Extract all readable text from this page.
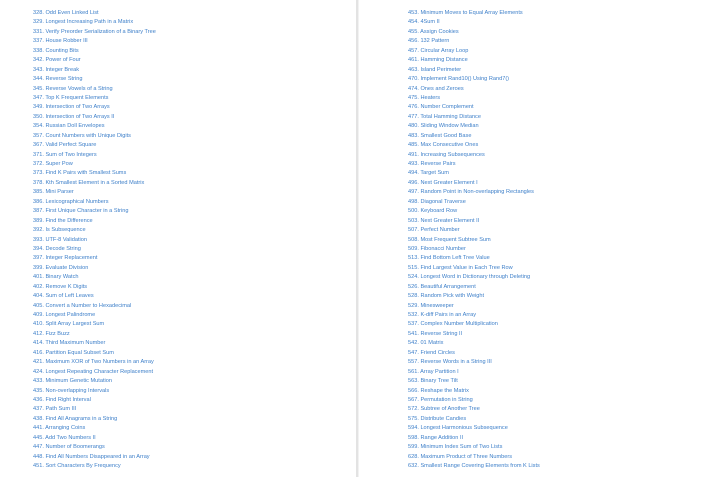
328. Odd Even Linked List
329. Longest Increasing Path in a Matrix
331. Verify Preorder Serialization of a Binary Tree
337. House Robber III
338. Counting Bits
342. Power of Four
343. Integer Break
344. Reverse String
345. Reverse Vowels of a String
347. Top K Frequent Elements
349. Intersection of Two Arrays
350. Intersection of Two Arrays II
354. Russian Doll Envelopes
357. Count Numbers with Unique Digits
367. Valid Perfect Square
371. Sum of Two Integers
372. Super Pow
373. Find K Pairs with Smallest Sums
378. Kth Smallest Element in a Sorted Matrix
385. Mini Parser
386. Lexicographical Numbers
387. First Unique Character in a String
389. Find the Difference
392. Is Subsequence
393. UTF-8 Validation
394. Decode String
397. Integer Replacement
399. Evaluate Division
401. Binary Watch
402. Remove K Digits
404. Sum of Left Leaves
405. Convert a Number to Hexadecimal
409. Longest Palindrome
410. Split Array Largest Sum
412. Fizz Buzz
414. Third Maximum Number
416. Partition Equal Subset Sum
421. Maximum XOR of Two Numbers in an Array
424. Longest Repeating Character Replacement
433. Minimum Genetic Mutation
435. Non-overlapping Intervals
436. Find Right Interval
437. Path Sum III
438. Find All Anagrams in a String
441. Arranging Coins
445. Add Two Numbers II
447. Number of Boomerangs
448. Find All Numbers Disappeared in an Array
451. Sort Characters By Frequency
453. Minimum Moves to Equal Array Elements
454. 4Sum II
455. Assign Cookies
456. 132 Pattern
457. Circular Array Loop
461. Hamming Distance
463. Island Perimeter
470. Implement Rand10() Using Rand7()
474. Ones and Zeroes
475. Heaters
476. Number Complement
477. Total Hamming Distance
480. Sliding Window Median
483. Smallest Good Base
485. Max Consecutive Ones
491. Increasing Subsequences
493. Reverse Pairs
494. Target Sum
496. Next Greater Element I
497. Random Point in Non-overlapping Rectangles
498. Diagonal Traverse
500. Keyboard Row
503. Next Greater Element II
507. Perfect Number
508. Most Frequent Subtree Sum
509. Fibonacci Number
513. Find Bottom Left Tree Value
515. Find Largest Value in Each Tree Row
524. Longest Word in Dictionary through Deleting
526. Beautiful Arrangement
528. Random Pick with Weight
529. Minesweeper
532. K-diff Pairs in an Array
537. Complex Number Multiplication
541. Reverse String II
542. 01 Matrix
547. Friend Circles
557. Reverse Words in a String III
561. Array Partition I
563. Binary Tree Tilt
566. Reshape the Matrix
567. Permutation in String
572. Subtree of Another Tree
575. Distribute Candies
594. Longest Harmonious Subsequence
598. Range Addition II
599. Minimum Index Sum of Two Lists
628. Maximum Product of Three Numbers
632. Smallest Range Covering Elements from K Lists
